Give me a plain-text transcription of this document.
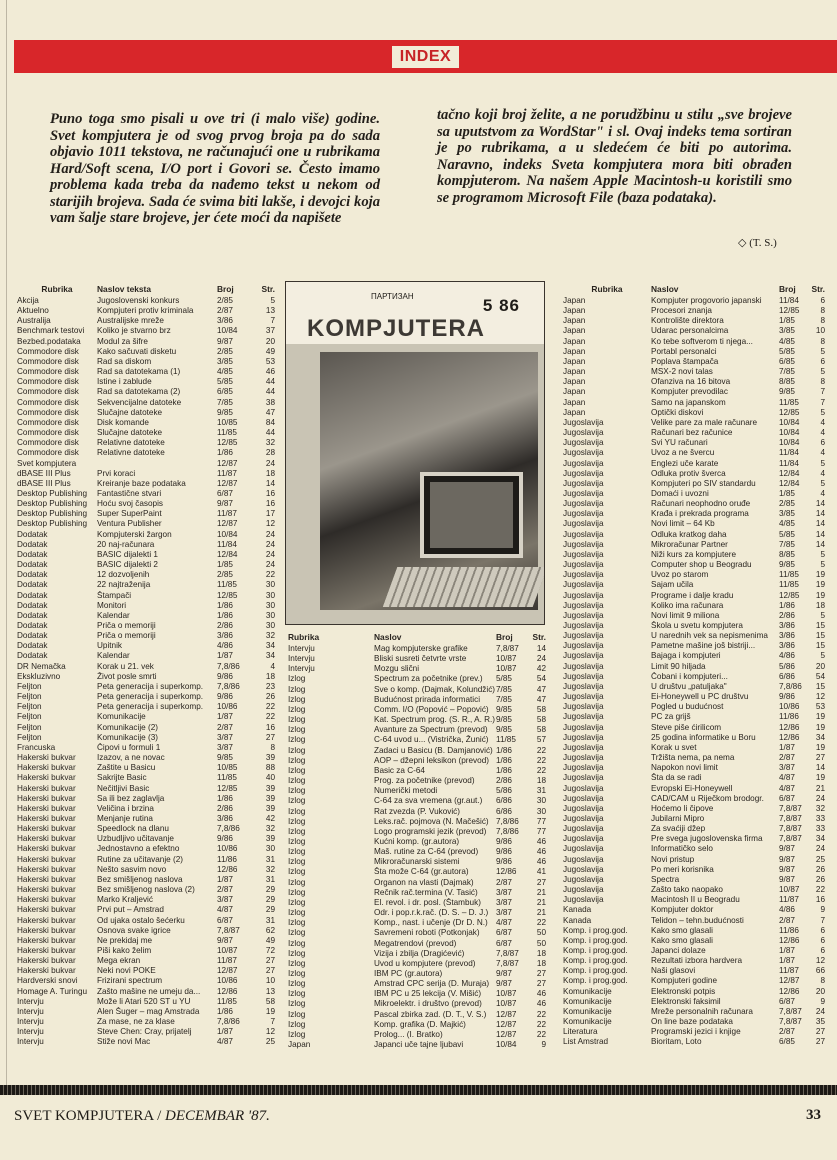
INDEX
Puno toga smo pisali u ove tri (i malo više) godine. Svet kompjutera je od svog prvog broja pa do sada objavio 1011 tekstova, ne računajući one u rubrikama Hard/Soft scena, I/O port i Govori se. Često imamo problema kada treba da nađemo tekst u nekom od starijih brojeva. Sada će svima biti lakše, i devojci koja vam šalje stare brojeve, jer ćete moći da napišete
tačno koji broj želite, a ne porudžbinu u stilu „sve brojeve sa uputstvom za WordStar" i sl. Ovaj indeks tema sortiran je po rubrikama, a u sledećem će biti po autorima. Naravno, indeks Sveta kompjutera mora biti obrađen kompjuterom. Na našem Apple Macintosh-u koristili smo se programom Microsoft File (baza podataka).
◇ (T. S.)
Rubrika	Naslov teksta	Broj	Str.
Akcija	Jugoslovenski konkurs	2/85	5
Aktuelno	Kompjuteri protiv kriminala	2/87	13
Australija	Australijske mreže	3/86	7
Benchmark testovi	Koliko je stvarno brz	10/84	37
Bezbed.podataka	Modul za šifre	9/87	20
Commodore disk	Kako sačuvati disketu	2/85	49
Commodore disk	Rad sa diskom	3/85	53
Commodore disk	Rad sa datotekama (1)	4/85	46
Commodore disk	Istine i zablude	5/85	44
Commodore disk	Rad sa datotekama (2)	6/85	44
Commodore disk	Sekvencijalne datoteke	7/85	38
Commodore disk	Slučajne datoteke	9/85	47
Commodore disk	Disk komande	10/85	84
Commodore disk	Slučajne datoteke	11/85	44
Commodore disk	Relativne datoteke	12/85	32
Commodore disk	Relativne datoteke	1/86	28
Svet kompjutera		12/87	24
dBASE III Plus	Prvi koraci	11/87	18
dBASE III Plus	Kreiranje baze podataka	12/87	14
Desktop Publishing	Fantastične stvari	6/87	16
Desktop Publishing	Hoću svoj časopis	9/87	16
Desktop Publishing	Super SuperPaint	11/87	17
Desktop Publishing	Ventura Publisher	12/87	12
Dodatak	Kompjuterski žargon	10/84	24
Dodatak	20 naj-računara	11/84	24
Dodatak	BASIC dijalekti 1	12/84	24
Dodatak	BASIC dijalekti 2	1/85	24
Dodatak	12 dozvoljenih	2/85	22
Dodatak	22 najtraženija	11/85	30
Dodatak	Štampači	12/85	30
Dodatak	Monitori	1/86	30
Dodatak	Kalendar	1/86	30
Dodatak	Priča o memoriji	2/86	30
Dodatak	Priča o memoriji	3/86	32
Dodatak	Upitnik	4/86	34
Dodatak	Kalendar	1/87	34
DR Nemačka	Korak u 21. vek	7,8/86	4
Ekskluzivno	Život posle smrti	9/86	18
Feljton	Peta generacija i superkomp.	7,8/86	23
Feljton	Peta generacija i superkomp.	9/86	26
Feljton	Peta generacija i superkomp.	10/86	22
Feljton	Komunikacije	1/87	22
Feljton	Komunikacije (2)	2/87	16
Feljton	Komunikacije (3)	3/87	27
Francuska	Čipovi u formuli 1	3/87	8
Hakerski bukvar	Izazov, a ne novac	9/85	39
Hakerski bukvar	Zaštite u Basicu	10/85	88
Hakerski bukvar	Sakrijte Basic	11/85	40
Hakerski bukvar	Nečitljivi Basic	12/85	39
Hakerski bukvar	Sa ili bez zaglavlja	1/86	39
Hakerski bukvar	Veličina i brzina	2/86	39
Hakerski bukvar	Menjanje rutina	3/86	42
Hakerski bukvar	Speedlock na dlanu	7,8/86	32
Hakerski bukvar	Uzbudljivo učitavanje	9/86	39
Hakerski bukvar	Jednostavno a efektno	10/86	30
Hakerski bukvar	Rutine za učitavanje (2)	11/86	31
Hakerski bukvar	Nešto sasvim novo	12/86	32
Hakerski bukvar	Bez smišljenog naslova	1/87	31
Hakerski bukvar	Bez smišljenog naslova (2)	2/87	29
Hakerski bukvar	Marko Kraljević	3/87	29
Hakerski bukvar	Prvi put – Amstrad	4/87	29
Hakerski bukvar	Od ujaka ostalo šećerku	6/87	31
Hakerski bukvar	Osnova svake igrice	7,8/87	62
Hakerski bukvar	Ne prekidaj me	9/87	49
Hakerski bukvar	Piši kako želim	10/87	72
Hakerski bukvar	Mega ekran	11/87	27
Hakerski bukvar	Neki novi POKE	12/87	27
Hardverski snovi	Frizirani spectrum	10/86	10
Homage A. Turingu	Zašto mašine ne umeju da...	12/86	13
Intervju	Može li Atari 520 ST u YU	11/85	58
Intervju	Alen Šuger – mag Amstrada	1/86	19
Intervju	Za mase, ne za klase	7,8/86	7
Intervju	Steve Chen: Cray, prijatelj	1/87	12
Intervju	Stiže novi Mac	4/87	25
ПАРТИЗАН	5 86
KOMPJUTERA
Rubrika	Naslov	Broj	Str.
Intervju	Mag kompjuterske grafike	7,8/87	14
Intervju	Bliski susreti četvrte vrste	10/87	24
Intervju	Mozgu slični	10/87	42
Izlog	Spectrum za početnike (prev.)	5/85	54
Izlog	Sve o komp. (Dajmak, Kolundžić)	7/85	47
Izlog	Budućnost prirada informatici	7/85	47
Izlog	Comm. I/O (Popović – Popović)	9/85	58
Izlog	Kat. Spectrum prog. (S. R., A. R.)	9/85	58
Izlog	Avanture za Spectrum (prevod)	9/85	58
Izlog	C-64 uvod u... (Vistrička, Žunić)	11/85	57
Izlog	Zadaci u Basicu (B. Damjanović)	1/86	22
Izlog	AOP – džepni leksikon (prevod)	1/86	22
Izlog	Basic za C-64	1/86	22
Izlog	Prog. za početnike (prevod)	2/86	18
Izlog	Numerički metodi	5/86	31
Izlog	C-64 za sva vremena (gr.aut.)	6/86	30
Izlog	Rat zvezda (P. Vuković)	6/86	30
Izlog	Leks.rač. pojmova (N. Mačešić)	7,8/86	77
Izlog	Logo programski jezik (prevod)	7,8/86	77
Izlog	Kućni komp. (gr.autora)	9/86	46
Izlog	Maš. rutine za C-64 (prevod)	9/86	46
Izlog	Mikroračunarski sistemi	9/86	46
Izlog	Šta može C-64 (gr.autora)	12/86	41
Izlog	Organon na vlasti (Dajmak)	2/87	27
Izlog	Rečnik rač.termina (V. Tasić)	3/87	21
Izlog	El. revol. i dr. posl. (Štambuk)	3/87	21
Izlog	Odr. i pop.r.k.rač. (D. S. – D. J.)	3/87	21
Izlog	Komp., nast. i učenje (Dr D. N.)	4/87	22
Izlog	Savremeni roboti (Potkonjak)	6/87	50
Izlog	Megatrendovi (prevod)	6/87	50
Izlog	Vizija i zbilja (Dragićević)	7,8/87	18
Izlog	Uvod u kompjutere (prevod)	7,8/87	18
Izlog	IBM PC (gr.autora)	9/87	27
Izlog	Amstrad CPC serija (D. Muraja)	9/87	27
Izlog	IBM PC u 25 lekcija (V. Mišić)	10/87	46
Izlog	Mikroelektr. i društvo (prevod)	10/87	46
Izlog	Pascal zbirka zad. (D. T., V. S.)	12/87	22
Izlog	Komp. grafika (D. Majkić)	12/87	22
Izlog	Prolog... (I. Bratko)	12/87	22
Japan	Japanci uče tajne ljubavi	10/84	9
Rubrika	Naslov	Broj	Str.
Japan	Kompjuter progovorio japanski	11/84	6
Japan	Procesori znanja	12/85	8
Japan	Kontrolište direktora	1/85	8
Japan	Udarac personalcima	3/85	10
Japan	Ko tebe softverom ti njega...	4/85	8
Japan	Portabl personalci	5/85	5
Japan	Poplava štampača	6/85	6
Japan	MSX-2 novi talas	7/85	5
Japan	Ofanziva na 16 bitova	8/85	8
Japan	Kompjuter prevodilac	9/85	7
Japan	Samo na japanskom	11/85	7
Japan	Optički diskovi	12/85	5
Jugoslavija	Velike pare za male računare	10/84	4
Jugoslavija	Računari bez računice	10/84	4
Jugoslavija	Svi YU računari	10/84	6
Jugoslavija	Uvoz a ne švercu	11/84	4
Jugoslavija	Englezi uče karate	11/84	5
Jugoslavija	Odluka protiv šverca	12/84	4
Jugoslavija	Kompjuteri po SIV standardu	12/84	5
Jugoslavija	Domaći i uvozni	1/85	4
Jugoslavija	Računari neophodno oruđe	2/85	14
Jugoslavija	Krađa i prekrada programa	3/85	14
Jugoslavija	Novi limit – 64 Kb	4/85	14
Jugoslavija	Odluka kratkog daha	5/85	14
Jugoslavija	Mikroračunar Partner	7/85	14
Jugoslavija	Niži kurs za kompjutere	8/85	5
Jugoslavija	Computer shop u Beogradu	9/85	5
Jugoslavija	Uvoz po starom	11/85	19
Jugoslavija	Sajam učila	11/85	19
Jugoslavija	Programe i dalje kradu	12/85	19
Jugoslavija	Koliko ima računara	1/86	18
Jugoslavija	Novi limit 9 miliona	2/86	5
Jugoslavija	Škola u svetu kompjutera	3/86	15
Jugoslavija	U narednih vek sa nepismenima	3/86	15
Jugoslavija	Pametne mašine još bistriji...	3/86	15
Jugoslavija	Bajaga i kompjuteri	4/86	5
Jugoslavija	Limit 90 hiljada	5/86	20
Jugoslavija	Čobani i kompjuteri...	6/86	54
Jugoslavija	U društvu „patuljaka"	7,8/86	15
Jugoslavija	Ei-Honeywell u PC društvu	9/86	12
Jugoslavija	Pogled u budućnost	10/86	53
Jugoslavija	PC za grijš	11/86	19
Jugoslavija	Steve piše ćirilicom	12/86	19
Jugoslavija	25 godina informatike u Boru	12/86	34
Jugoslavija	Korak u svet	1/87	19
Jugoslavija	Tržišta nema, pa nema	2/87	27
Jugoslavija	Napokon novi limit	3/87	14
Jugoslavija	Šta da se radi	4/87	19
Jugoslavija	Evropski Ei-Honeywell	4/87	21
Jugoslavija	CAD/CAM u Riječkom brodogr.	6/87	24
Jugoslavija	Hoćemo li čipove	7,8/87	32
Jugoslavija	Jubilarni Mipro	7,8/87	33
Jugoslavija	Za svaćiji džep	7,8/87	33
Jugoslavija	Pre svega jugoslovenska firma	7,8/87	34
Jugoslavija	Informatičko selo	9/87	24
Jugoslavija	Novi pristup	9/87	25
Jugoslavija	Po meri korisnika	9/87	26
Jugoslavija	Spectra	9/87	26
Jugoslavija	Zašto tako naopako	10/87	22
Jugoslavija	Macintosh II u Beogradu	11/87	16
Kanada	Kompjuter doktor	4/86	9
Kanada	Telidon – tehn.budućnosti	2/87	7
Komp. i prog.god.	Kako smo glasali	11/86	6
Komp. i prog.god.	Kako smo glasali	12/86	6
Komp. i prog.god.	Japanci dolaze	1/87	6
Komp. i prog.god.	Rezultati izbora hardvera	1/87	12
Komp. i prog.god.	Naši glasovi	11/87	66
Komp. i prog.god.	Kompjuteri godine	12/87	8
Komunikacije	Elektronski potpis	12/86	20
Komunikacije	Elektronski faksimil	6/87	9
Komunikacije	Mreže personalnih računara	7,8/87	24
Komunikacije	On line baze podataka	7,8/87	35
Literatura	Programski jezici i knjige	2/87	27
List Amstrad	Bioritam, Loto	6/85	27
SVET KOMPJUTERA / DECEMBAR '87.	33
